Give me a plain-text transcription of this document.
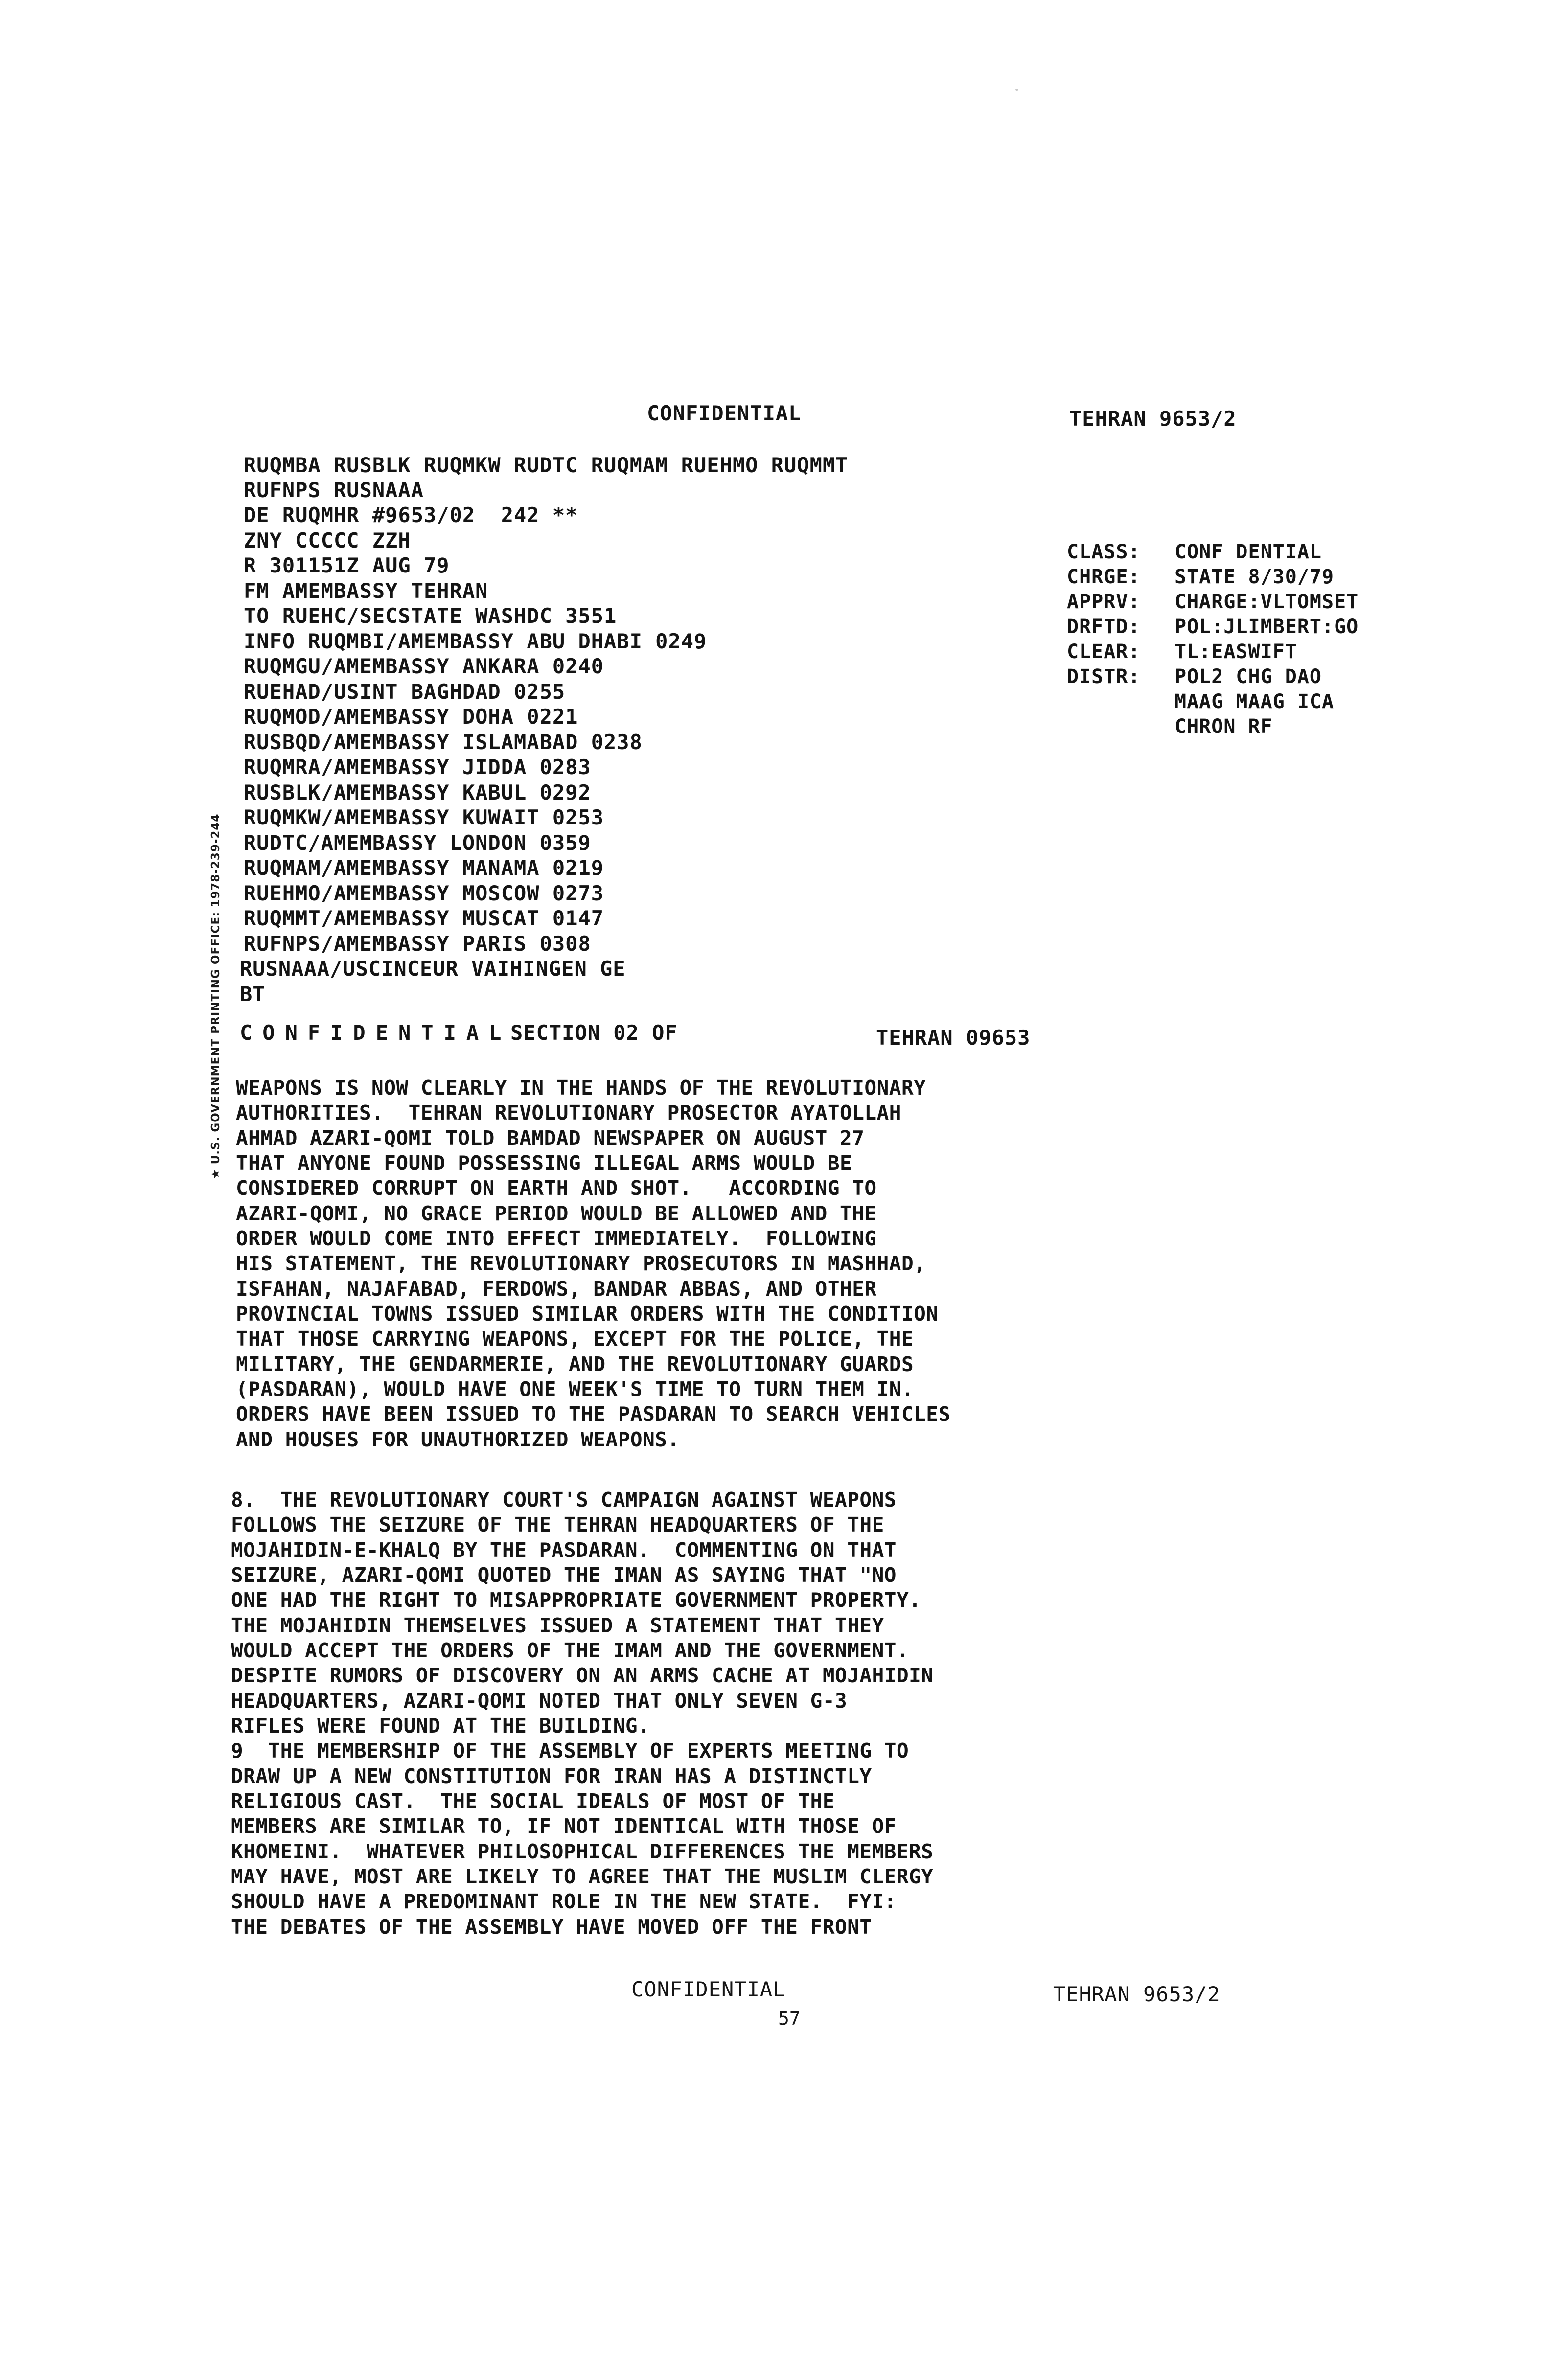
CONFIDENTIAL	TEHRAN 9653/2
RUQMBA RUSBLK RUQMKW RUDTC RUQMAM RUEHMO RUQMMT
RUFNPS RUSNAAA
DE RUQMHR #9653/02  242 **
ZNY CCCCC ZZH
R 301151Z AUG 79
FM AMEMBASSY TEHRAN
TO RUEHC/SECSTATE WASHDC 3551
INFO RUQMBI/AMEMBASSY ABU DHABI 0249
RUQMGU/AMEMBASSY ANKARA 0240
RUEHAD/USINT BAGHDAD 0255
RUQMOD/AMEMBASSY DOHA 0221
RUSBQD/AMEMBASSY ISLAMABAD 0238
RUQMRA/AMEMBASSY JIDDA 0283
RUSBLK/AMEMBASSY KABUL 0292
RUQMKW/AMEMBASSY KUWAIT 0253
RUDTC/AMEMBASSY LONDON 0359
RUQMAM/AMEMBASSY MANAMA 0219
RUEHMO/AMEMBASSY MOSCOW 0273
RUQMMT/AMEMBASSY MUSCAT 0147
RUFNPS/AMEMBASSY PARIS 0308
RUSNAAA/USCINCEUR VAIHINGEN GE
BT
CLASS: CONF DENTIAL
CHRGE: STATE 8/30/79
APPRV: CHARGE:VLTOMSET
DRFTD: POL:JLIMBERT:GO
CLEAR: TL:EASWIFT
DISTR: POL2 CHG DAO
MAAG MAAG ICA
CHRON RF
CONFIDENTIAL
SECTION 02 OF	TEHRAN 09653
WEAPONS IS NOW CLEARLY IN THE HANDS OF THE REVOLUTIONARY
AUTHORITIES.  TEHRAN REVOLUTIONARY PROSECTOR AYATOLLAH
AHMAD AZARI-QOMI TOLD BAMDAD NEWSPAPER ON AUGUST 27
THAT ANYONE FOUND POSSESSING ILLEGAL ARMS WOULD BE
CONSIDERED CORRUPT ON EARTH AND SHOT.   ACCORDING TO
AZARI-QOMI, NO GRACE PERIOD WOULD BE ALLOWED AND THE
ORDER WOULD COME INTO EFFECT IMMEDIATELY.  FOLLOWING
HIS STATEMENT, THE REVOLUTIONARY PROSECUTORS IN MASHHAD,
ISFAHAN, NAJAFABAD, FERDOWS, BANDAR ABBAS, AND OTHER
PROVINCIAL TOWNS ISSUED SIMILAR ORDERS WITH THE CONDITION
THAT THOSE CARRYING WEAPONS, EXCEPT FOR THE POLICE, THE
MILITARY, THE GENDARMERIE, AND THE REVOLUTIONARY GUARDS
(PASDARAN), WOULD HAVE ONE WEEK'S TIME TO TURN THEM IN.
ORDERS HAVE BEEN ISSUED TO THE PASDARAN TO SEARCH VEHICLES
AND HOUSES FOR UNAUTHORIZED WEAPONS.
8.  THE REVOLUTIONARY COURT'S CAMPAIGN AGAINST WEAPONS
FOLLOWS THE SEIZURE OF THE TEHRAN HEADQUARTERS OF THE
MOJAHIDIN-E-KHALQ BY THE PASDARAN.  COMMENTING ON THAT
SEIZURE, AZARI-QOMI QUOTED THE IMAN AS SAYING THAT "NO
ONE HAD THE RIGHT TO MISAPPROPRIATE GOVERNMENT PROPERTY.
THE MOJAHIDIN THEMSELVES ISSUED A STATEMENT THAT THEY
WOULD ACCEPT THE ORDERS OF THE IMAM AND THE GOVERNMENT.
DESPITE RUMORS OF DISCOVERY ON AN ARMS CACHE AT MOJAHIDIN
HEADQUARTERS, AZARI-QOMI NOTED THAT ONLY SEVEN G-3
RIFLES WERE FOUND AT THE BUILDING.
9  THE MEMBERSHIP OF THE ASSEMBLY OF EXPERTS MEETING TO
DRAW UP A NEW CONSTITUTION FOR IRAN HAS A DISTINCTLY
RELIGIOUS CAST.  THE SOCIAL IDEALS OF MOST OF THE
MEMBERS ARE SIMILAR TO, IF NOT IDENTICAL WITH THOSE OF
KHOMEINI.  WHATEVER PHILOSOPHICAL DIFFERENCES THE MEMBERS
MAY HAVE, MOST ARE LIKELY TO AGREE THAT THE MUSLIM CLERGY
SHOULD HAVE A PREDOMINANT ROLE IN THE NEW STATE.  FYI:
THE DEBATES OF THE ASSEMBLY HAVE MOVED OFF THE FRONT
CONFIDENTIAL	TEHRAN 9653/2
57
★ U.S. GOVERNMENT PRINTING OFFICE: 1978-239-244
